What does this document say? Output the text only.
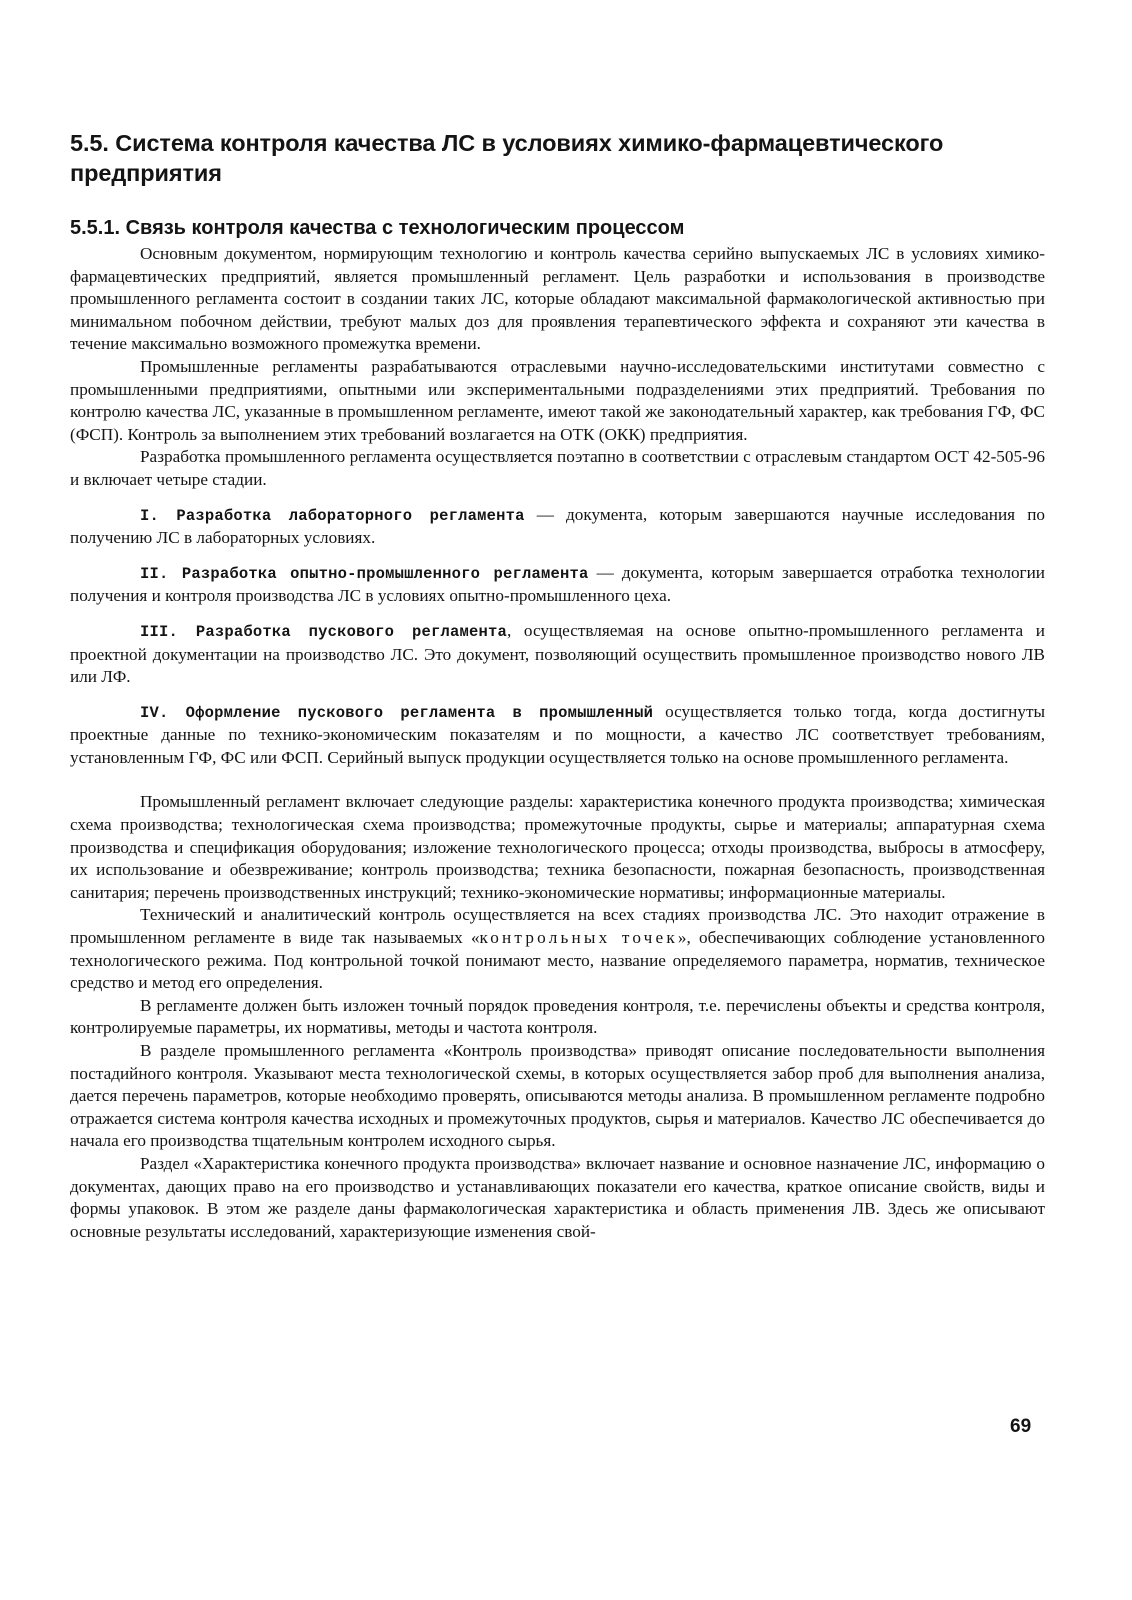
5.5. Система контроля качества ЛС в условиях химико-фармацевтического предприятия
5.5.1. Связь контроля качества с технологическим процессом

Основным документом, нормирующим технологию и контроль качества серийно выпускаемых ЛС в условиях химико-фармацевтических предприятий, является промышленный регламент. Цель разработки и использования в производстве промышленного регламента состоит в создании таких ЛС, которые обладают максимальной фармакологической активностью при минимальном побочном действии, требуют малых доз для проявления терапевтического эффекта и сохраняют эти качества в течение максимально возможного промежутка времени.

Промышленные регламенты разрабатываются отраслевыми научно-исследовательскими институтами совместно с промышленными предприятиями, опытными или экспериментальными подразделениями этих предприятий. Требования по контролю качества ЛС, указанные в промышленном регламенте, имеют такой же законодательный характер, как требования ГФ, ФС (ФСП). Контроль за выполнением этих требований возлагается на ОТК (ОКК) предприятия.

Разработка промышленного регламента осуществляется поэтапно в соответствии с отраслевым стандартом ОСТ 42-505-96 и включает четыре стадии.

I. Разработка лабораторного регламента — документа, которым завершаются научные исследования по получению ЛС в лабораторных условиях.

II. Разработка опытно-промышленного регламента — документа, которым завершается отработка технологии получения и контроля производства ЛС в условиях опытно-промышленного цеха.

III. Разработка пускового регламента, осуществляемая на основе опытно-промышленного регламента и проектной документации на производство ЛС. Это документ, позволяющий осуществить промышленное производство нового ЛВ или ЛФ.

IV. Оформление пускового регламента в промышленный осуществляется только тогда, когда достигнуты проектные данные по технико-экономическим показателям и по мощности, а качество ЛС соответствует требованиям, установленным ГФ, ФС или ФСП. Серийный выпуск продукции осуществляется только на основе промышленного регламента.

Промышленный регламент включает следующие разделы: характеристика конечного продукта производства; химическая схема производства; технологическая схема производства; промежуточные продукты, сырье и материалы; аппаратурная схема производства и спецификация оборудования; изложение технологического процесса; отходы производства, выбросы в атмосферу, их использование и обезвреживание; контроль производства; техника безопасности, пожарная безопасность, производственная санитария; перечень производственных инструкций; технико-экономические нормативы; информационные материалы.

Технический и аналитический контроль осуществляется на всех стадиях производства ЛС. Это находит отражение в промышленном регламенте в виде так называемых «контрольных точек», обеспечивающих соблюдение установленного технологического режима. Под контрольной точкой понимают место, название определяемого параметра, норматив, техническое средство и метод его определения.

В регламенте должен быть изложен точный порядок проведения контроля, т.е. перечислены объекты и средства контроля, контролируемые параметры, их нормативы, методы и частота контроля.

В разделе промышленного регламента «Контроль производства» приводят описание последовательности выполнения постадийного контроля. Указывают места технологической схемы, в которых осуществляется забор проб для выполнения анализа, дается перечень параметров, которые необходимо проверять, описываются методы анализа. В промышленном регламенте подробно отражается система контроля качества исходных и промежуточных продуктов, сырья и материалов. Качество ЛС обеспечивается до начала его производства тщательным контролем исходного сырья.

Раздел «Характеристика конечного продукта производства» включает название и основное назначение ЛС, информацию о документах, дающих право на его производство и устанавливающих показатели его качества, краткое описание свойств, виды и формы упаковок. В этом же разделе даны фармакологическая характеристика и область применения ЛВ. Здесь же описывают основные результаты исследований, характеризующие изменения свой-

69
